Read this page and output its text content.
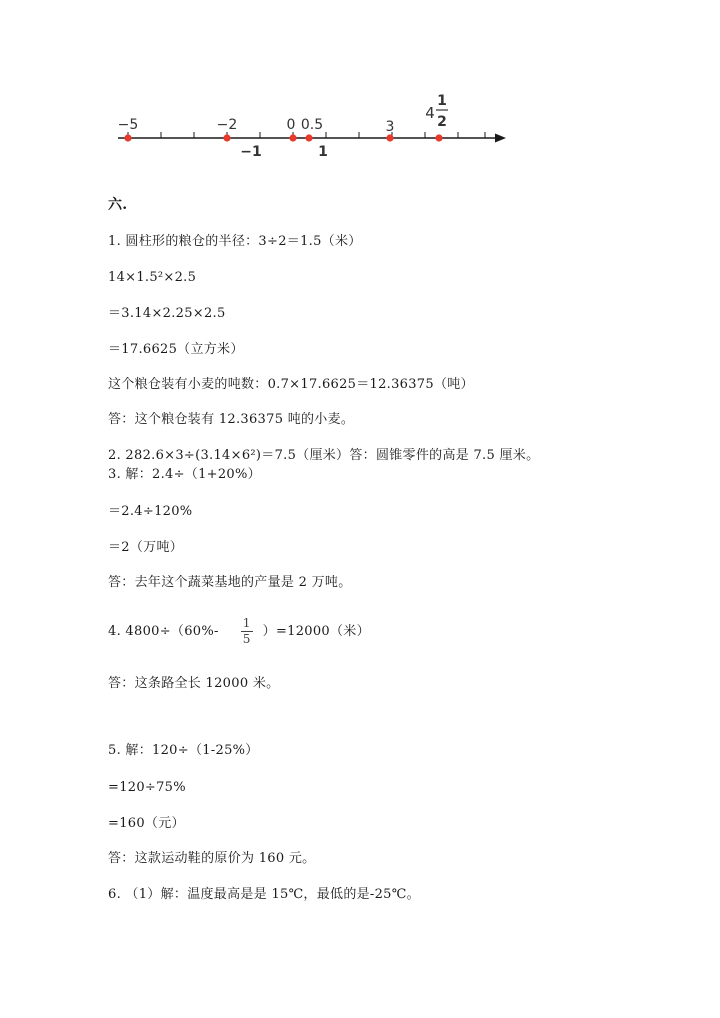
−5	−2	0 0.5	3
−1	1
4
1
2
六.
1. 圆柱形的粮仓的半径：3÷2＝1.5（米）
14×1.5²×2.5
＝3.14×2.25×2.5
＝17.6625（立方米）
这个粮仓装有小麦的吨数：0.7×17.6625＝12.36375（吨）
答：这个粮仓装有 12.36375 吨的小麦。
2. 282.6×3÷(3.14×6²)＝7.5（厘米）答：圆锥零件的高是 7.5 厘米。
3. 解：2.4÷（1+20%）
＝2.4÷120%
＝2（万吨）
答：去年这个蔬菜基地的产量是 2 万吨。
4. $4800\div(60\%- \frac{1}{5} )=12000$（米）
答：这条路全长 12000 米。
5. 解：120÷（1-25%）
=120÷75%
=160（元）
答：这款运动鞋的原价为 160 元。
6. （1）解：温度最高是是 15℃，最低的是-25℃。
